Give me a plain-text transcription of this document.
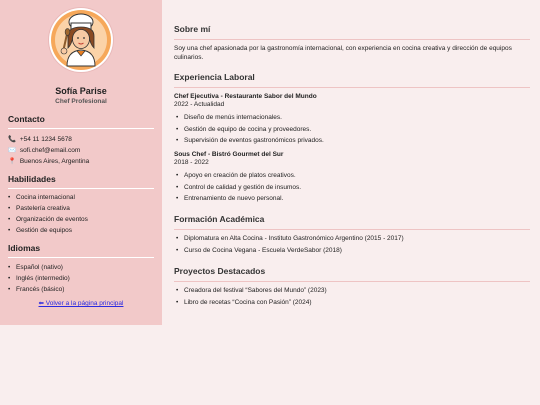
Sofía Parise
Chef Profesional
Contacto
📞 +54 11 1234 5678
✉️ sofi.chef@email.com
📍 Buenos Aires, Argentina
Habilidades
• Cocina internacional
• Pastelería creativa
• Organización de eventos
• Gestión de equipos
Idiomas
• Español (nativo)
• Inglés (intermedio)
• Francés (básico)
⬅ Volver a la página principal
Sobre mí

Soy una chef apasionada por la gastronomía internacional, con experiencia en cocina creativa y dirección de equipos culinarios.

Experiencia Laboral
Chef Ejecutiva - Restaurante Sabor del Mundo
2022 - Actualidad
• Diseño de menús internacionales.
• Gestión de equipo de cocina y proveedores.
• Supervisión de eventos gastronómicos privados.
Sous Chef - Bistró Gourmet del Sur
2018 - 2022
• Apoyo en creación de platos creativos.
• Control de calidad y gestión de insumos.
• Entrenamiento de nuevo personal.
Formación Académica
• Diplomatura en Alta Cocina - Instituto Gastronómico Argentino (2015 - 2017)
• Curso de Cocina Vegana - Escuela VerdeSabor (2018)
Proyectos Destacados
• Creadora del festival “Sabores del Mundo” (2023)
• Libro de recetas “Cocina con Pasión” (2024)
